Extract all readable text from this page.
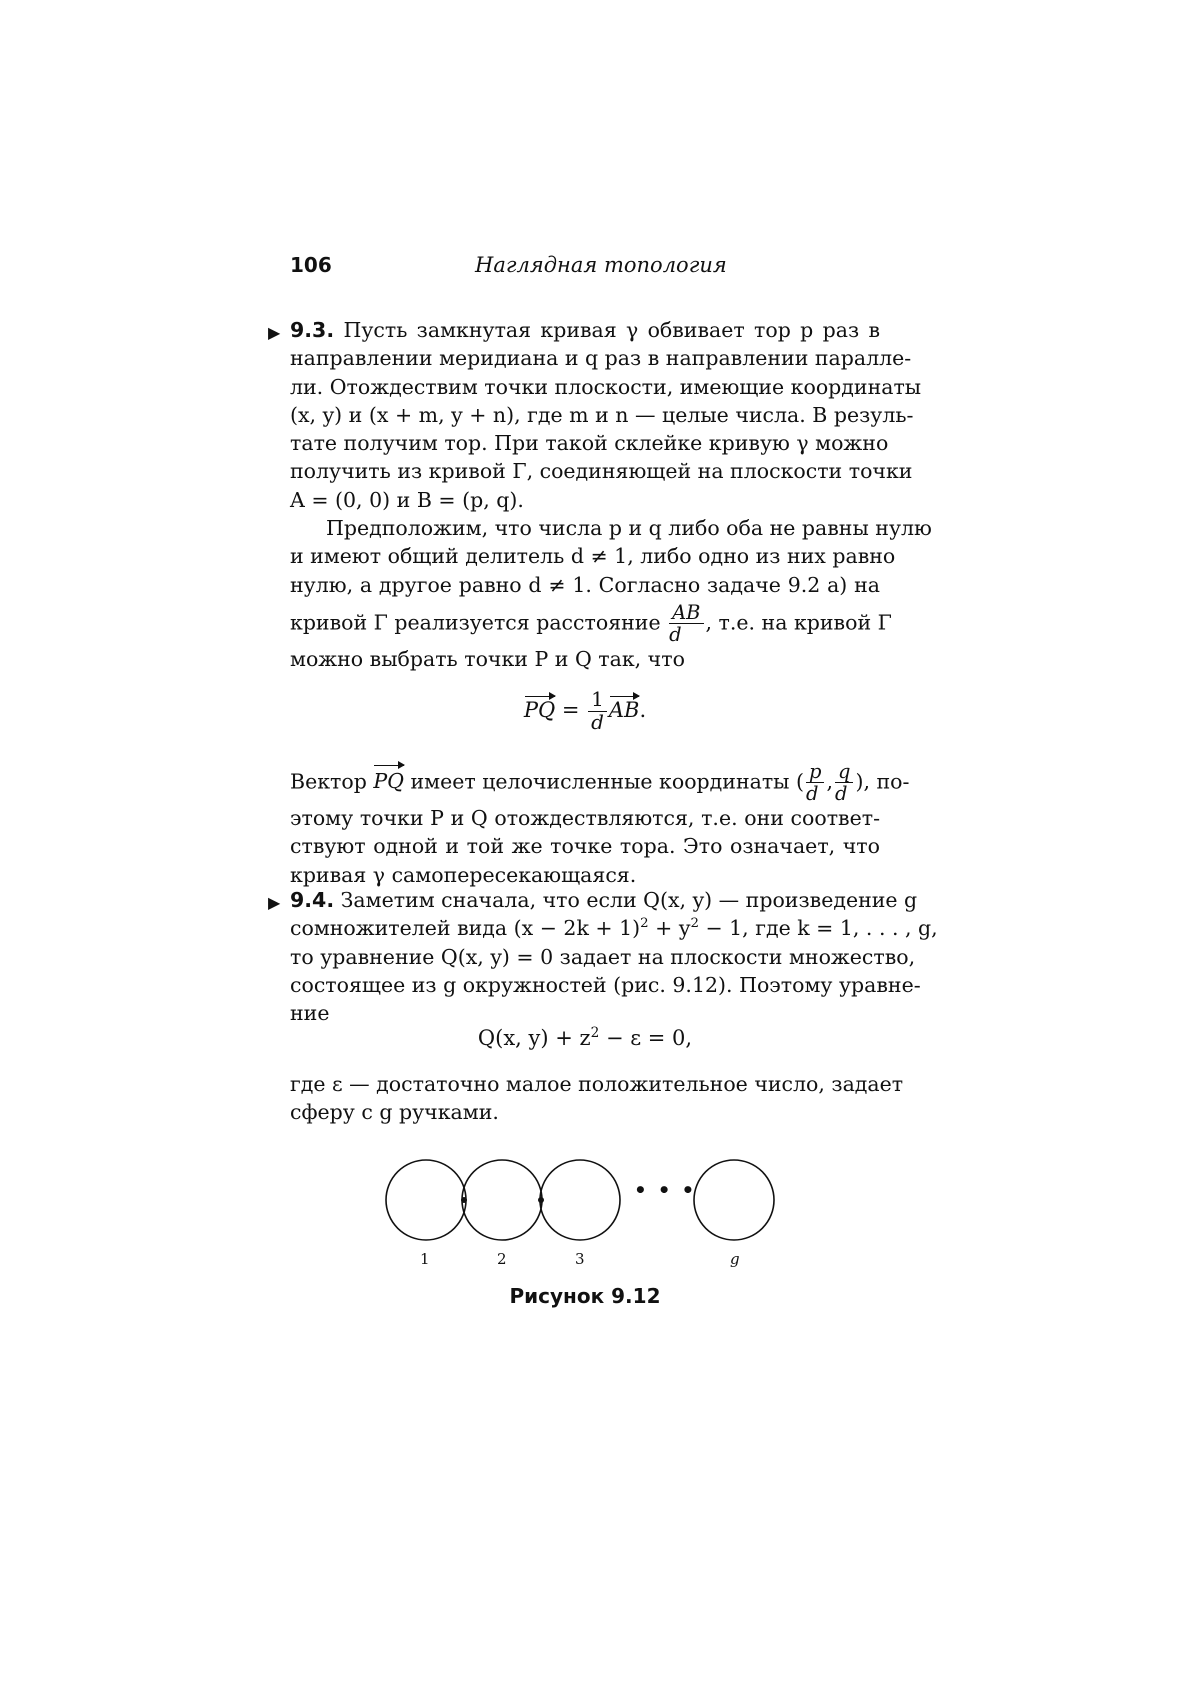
106	Наглядная топология
▶ 9.3. Пусть замкнутая кривая γ обвивает тор p раз в
направлении меридиана и q раз в направлении паралле-
ли. Отождествим точки плоскости, имеющие координаты
(x, y) и (x + m, y + n), где m и n — целые числа. В резуль-
тате получим тор. При такой склейке кривую γ можно
получить из кривой Γ, соединяющей на плоскости точки
A = (0, 0) и B = (p, q).
Предположим, что числа p и q либо оба не равны нулю
и имеют общий делитель d ≠ 1, либо одно из них равно
нулю, а другое равно d ≠ 1. Согласно задаче 9.2 а) на
кривой Γ реализуется расстояние $\frac{AB}{d}$ , т.е. на кривой Γ
можно выбрать точки P и Q так, что
PQ = $\frac{1}{d}$ AB.
Вектор PQ имеет целочисленные координаты ( $\frac{p}{d}$ , $\frac{q}{d}$ ), по-
этому точки P и Q отождествляются, т.е. они соответ-
ствуют одной и той же точке тора. Это означает, что
кривая γ самопересекающаяся.
▶ 9.4. Заметим сначала, что если Q(x, y) — произведение g
сомножителей вида $(x - 2k + 1)^2 + y^2 - 1$, где k = 1, . . . , g,
то уравнение Q(x, y) = 0 задает на плоскости множество,
состоящее из g окружностей (рис. 9.12). Поэтому уравне-
ние
Q(x, $y) + z^2 - \varepsilon = 0$,
где ε — достаточно малое положительное число, задает
сферу с g ручками.
• • •
1	2	3	g
Рисунок 9.12
